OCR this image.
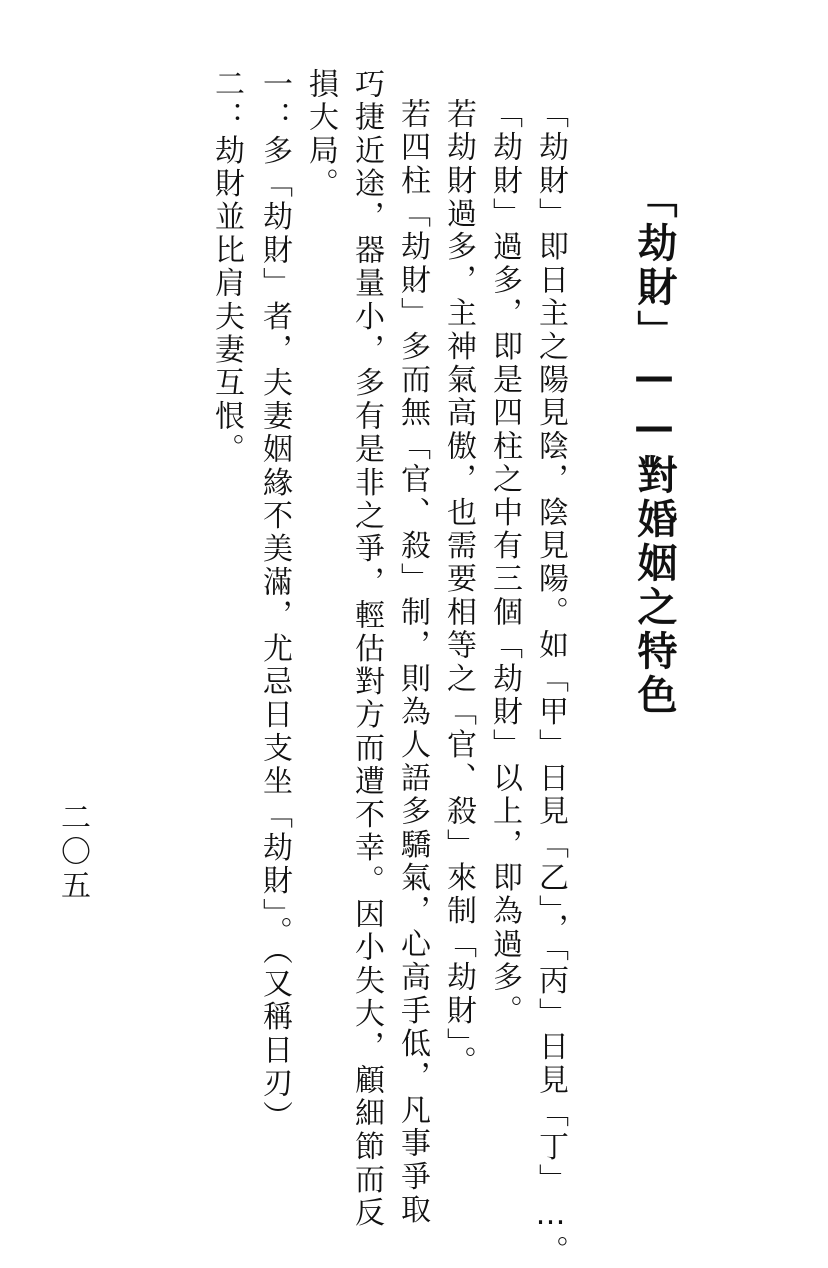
「劫財」——對婚姻之特色
「劫財」即日主之陽見陰，陰見陽。如「甲」日見「乙」，「丙」日見「丁」…。
「劫財」過多，即是四柱之中有三個「劫財」以上，即為過多。
若劫財過多，主神氣高傲，也需要相等之「官、殺」來制「劫財」。
若四柱「劫財」多而無「官、殺」制，則為人語多驕氣，心高手低，凡事爭取
巧捷近途，器量小，多有是非之爭，輕估對方而遭不幸。因小失大，顧細節而反
損大局。
一：多「劫財」者，夫妻姻緣不美滿，尤忌日支坐「劫財」。（又稱日刃）
二：劫財並比肩夫妻互恨。
二〇五
